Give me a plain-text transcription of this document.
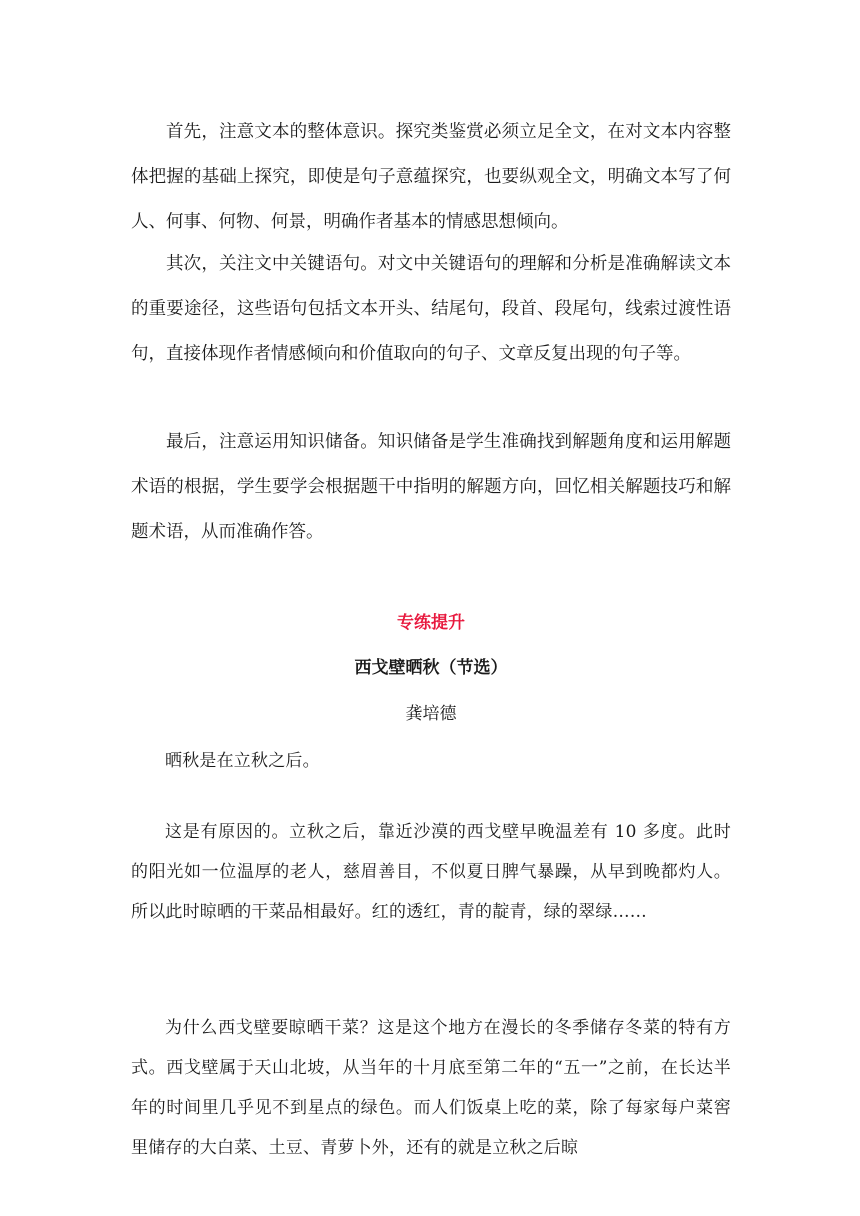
首先，注意文本的整体意识。探究类鉴赏必须立足全文，在对文本内容整体把握的基础上探究，即使是句子意蕴探究，也要纵观全文，明确文本写了何人、何事、何物、何景，明确作者基本的情感思想倾向。

其次，关注文中关键语句。对文中关键语句的理解和分析是准确解读文本的重要途径，这些语句包括文本开头、结尾句，段首、段尾句，线索过渡性语句，直接体现作者情感倾向和价值取向的句子、文章反复出现的句子等。

最后，注意运用知识储备。知识储备是学生准确找到解题角度和运用解题术语的根据，学生要学会根据题干中指明的解题方向，回忆相关解题技巧和解题术语，从而准确作答。

专练提升
西戈壁晒秋（节选）
龚培德

晒秋是在立秋之后。

这是有原因的。立秋之后，靠近沙漠的西戈壁早晚温差有 10 多度。此时的阳光如一位温厚的老人，慈眉善目，不似夏日脾气暴躁，从早到晚都灼人。所以此时晾晒的干菜品相最好。红的透红，青的靛青，绿的翠绿……

为什么西戈壁要晾晒干菜？这是这个地方在漫长的冬季储存冬菜的特有方式。西戈壁属于天山北坡，从当年的十月底至第二年的“五一”之前，在长达半年的时间里几乎见不到星点的绿色。而人们饭桌上吃的菜，除了每家每户菜窖里储存的大白菜、土豆、青萝卜外，还有的就是立秋之后晾
